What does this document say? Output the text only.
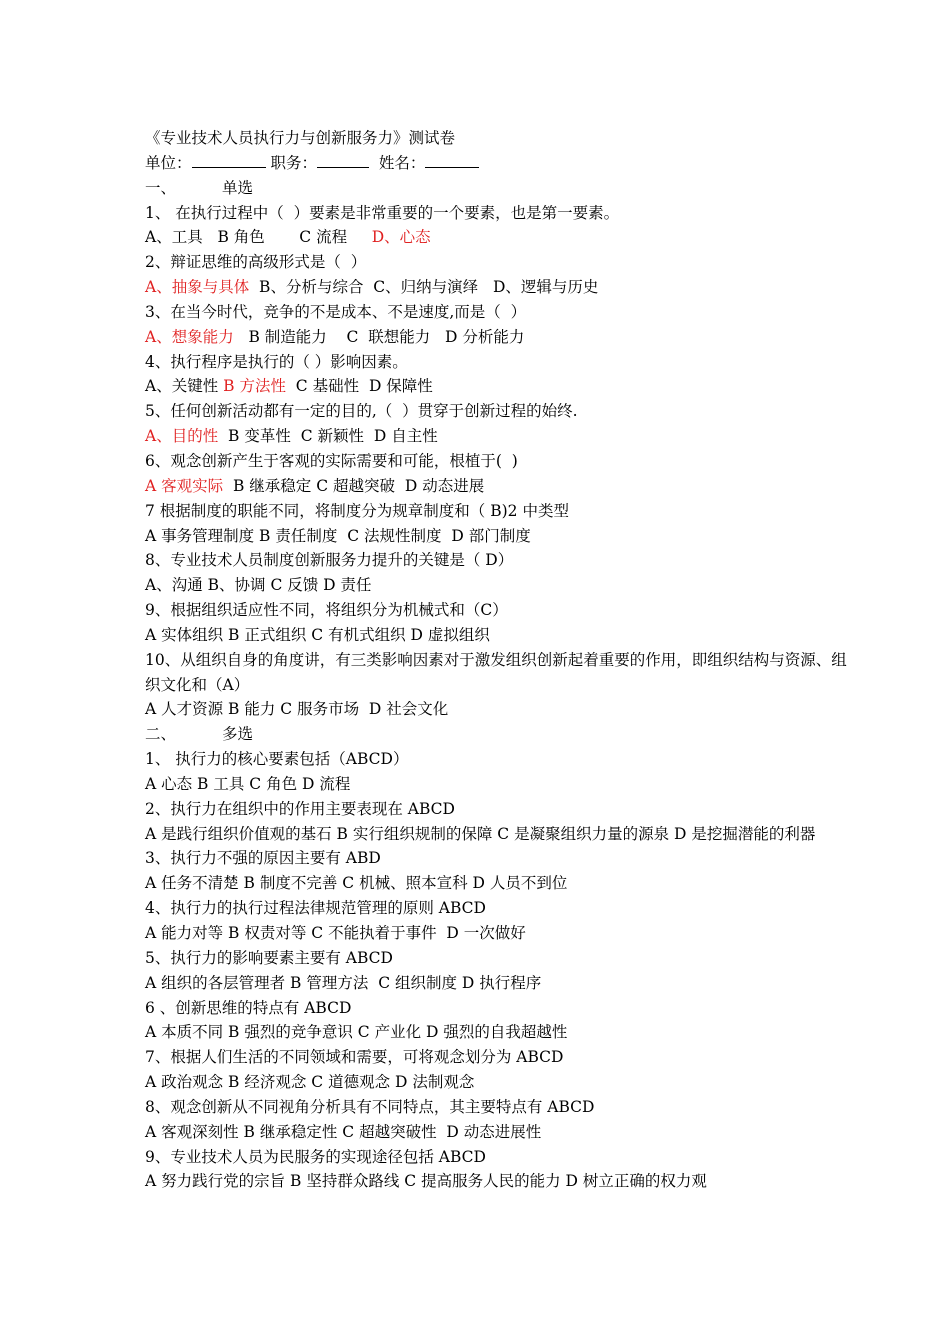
《专业技术人员执行力与创新服务力》测试卷
单位：	职务：	姓名：
一、	单选
1、 在执行过程中（  ）要素是非常重要的一个要素，也是第一要素。
A、工具   B 角色       C 流程     D、心态
2、辩证思维的高级形式是（  ）
A、抽象与具体  B、分析与综合  C、归纳与演绎   D、逻辑与历史
3、在当今时代，竞争的不是成本、不是速度,而是（  ）
A、想象能力   B 制造能力    C  联想能力   D 分析能力
4、执行程序是执行的（ ）影响因素。
A、关键性 B 方法性  C 基础性  D 保障性
5、任何创新活动都有一定的目的,（  ）贯穿于创新过程的始终.
A、目的性  B 变革性  C 新颖性  D 自主性
6、观念创新产生于客观的实际需要和可能，根植于(  )
A 客观实际  B 继承稳定 C 超越突破  D 动态进展
7 根据制度的职能不同，将制度分为规章制度和（ B)2 中类型
A 事务管理制度 B 责任制度  C 法规性制度  D 部门制度
8、专业技术人员制度创新服务力提升的关键是（ D）
A、沟通 B、协调 C 反馈 D 责任
9、根据组织适应性不同，将组织分为机械式和（C）
A 实体组织 B 正式组织 C 有机式组织 D 虚拟组织
10、从组织自身的角度讲，有三类影响因素对于激发组织创新起着重要的作用，即组织结构与资源、组织文化和（A）
A 人才资源 B 能力 C 服务市场  D 社会文化
二、	多选
1、 执行力的核心要素包括（ABCD）
A 心态 B 工具 C 角色 D 流程
2、执行力在组织中的作用主要表现在 ABCD
A 是践行组织价值观的基石 B 实行组织规制的保障 C 是凝聚组织力量的源泉 D 是挖掘潜能的利器
3、执行力不强的原因主要有 ABD
A 任务不清楚 B 制度不完善 C 机械、照本宣科 D 人员不到位
4、执行力的执行过程法律规范管理的原则 ABCD
A 能力对等 B 权责对等 C 不能执着于事件  D 一次做好
5、执行力的影响要素主要有 ABCD
A 组织的各层管理者 B 管理方法  C 组织制度 D 执行程序
6 、创新思维的特点有 ABCD
A 本质不同 B 强烈的竞争意识 C 产业化 D 强烈的自我超越性
7、根据人们生活的不同领域和需要，可将观念划分为 ABCD
A 政治观念 B 经济观念 C 道德观念 D 法制观念
8、观念创新从不同视角分析具有不同特点，其主要特点有 ABCD
A 客观深刻性 B 继承稳定性 C 超越突破性  D 动态进展性
9、专业技术人员为民服务的实现途径包括 ABCD
A 努力践行党的宗旨 B 坚持群众路线 C 提高服务人民的能力 D 树立正确的权力观
